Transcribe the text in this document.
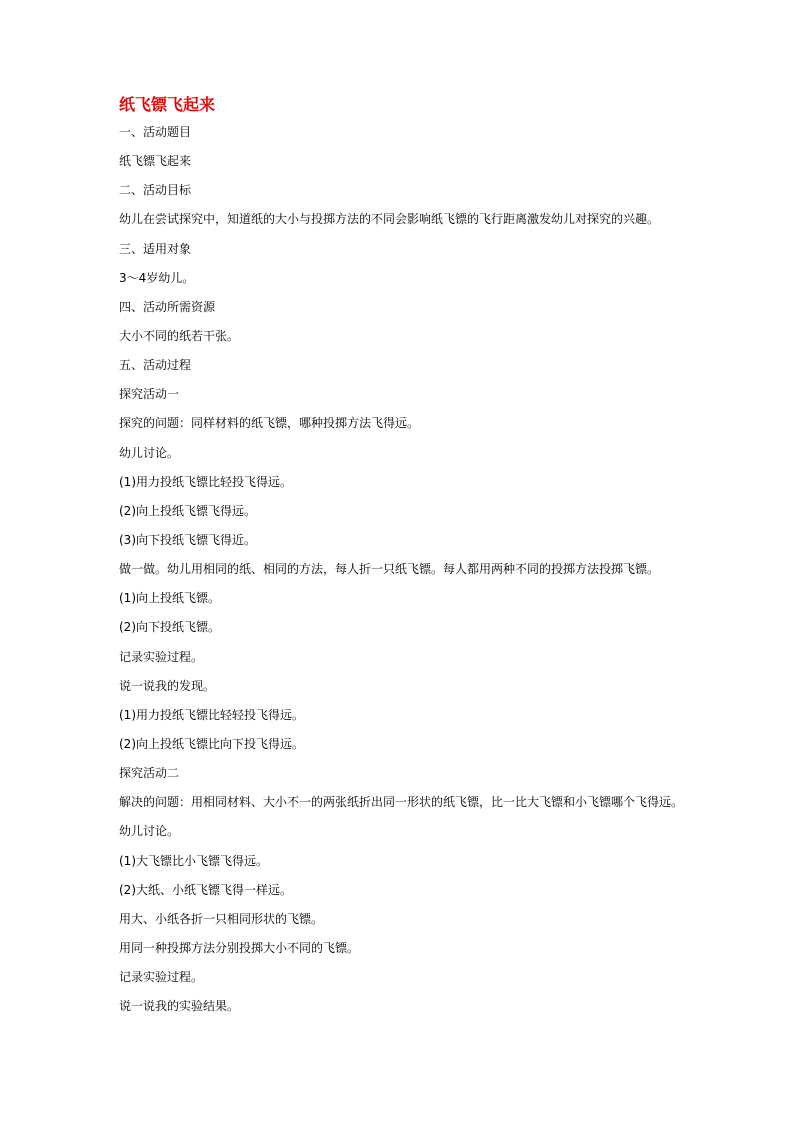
纸飞镖飞起来
一、活动题目
纸飞镖飞起来
二、活动目标
幼儿在尝试探究中，知道纸的大小与投掷方法的不同会影响纸飞镖的飞行距离激发幼儿对探究的兴趣。
三、适用对象
3～4岁幼儿。
四、活动所需资源
大小不同的纸若干张。
五、活动过程
探究活动一
探究的问题：同样材料的纸飞镖，哪种投掷方法飞得远。
幼儿讨论。
(1)用力投纸飞镖比轻投飞得远。
(2)向上投纸飞镖飞得远。
(3)向下投纸飞镖飞得近。
做一做。幼儿用相同的纸、相同的方法，每人折一只纸飞镖。每人都用两种不同的投掷方法投掷飞镖。
(1)向上投纸飞镖。
(2)向下投纸飞镖。
记录实验过程。
说一说我的发现。
(1)用力投纸飞镖比轻轻投飞得远。
(2)向上投纸飞镖比向下投飞得远。
探究活动二
解决的问题：用相同材料、大小不一的两张纸折出同一形状的纸飞镖，比一比大飞镖和小飞镖哪个飞得远。
幼儿讨论。
(1)大飞镖比小飞镖飞得远。
(2)大纸、小纸飞镖飞得一样远。
用大、小纸各折一只相同形状的飞镖。
用同一种投掷方法分别投掷大小不同的飞镖。
记录实验过程。
说一说我的实验结果。
